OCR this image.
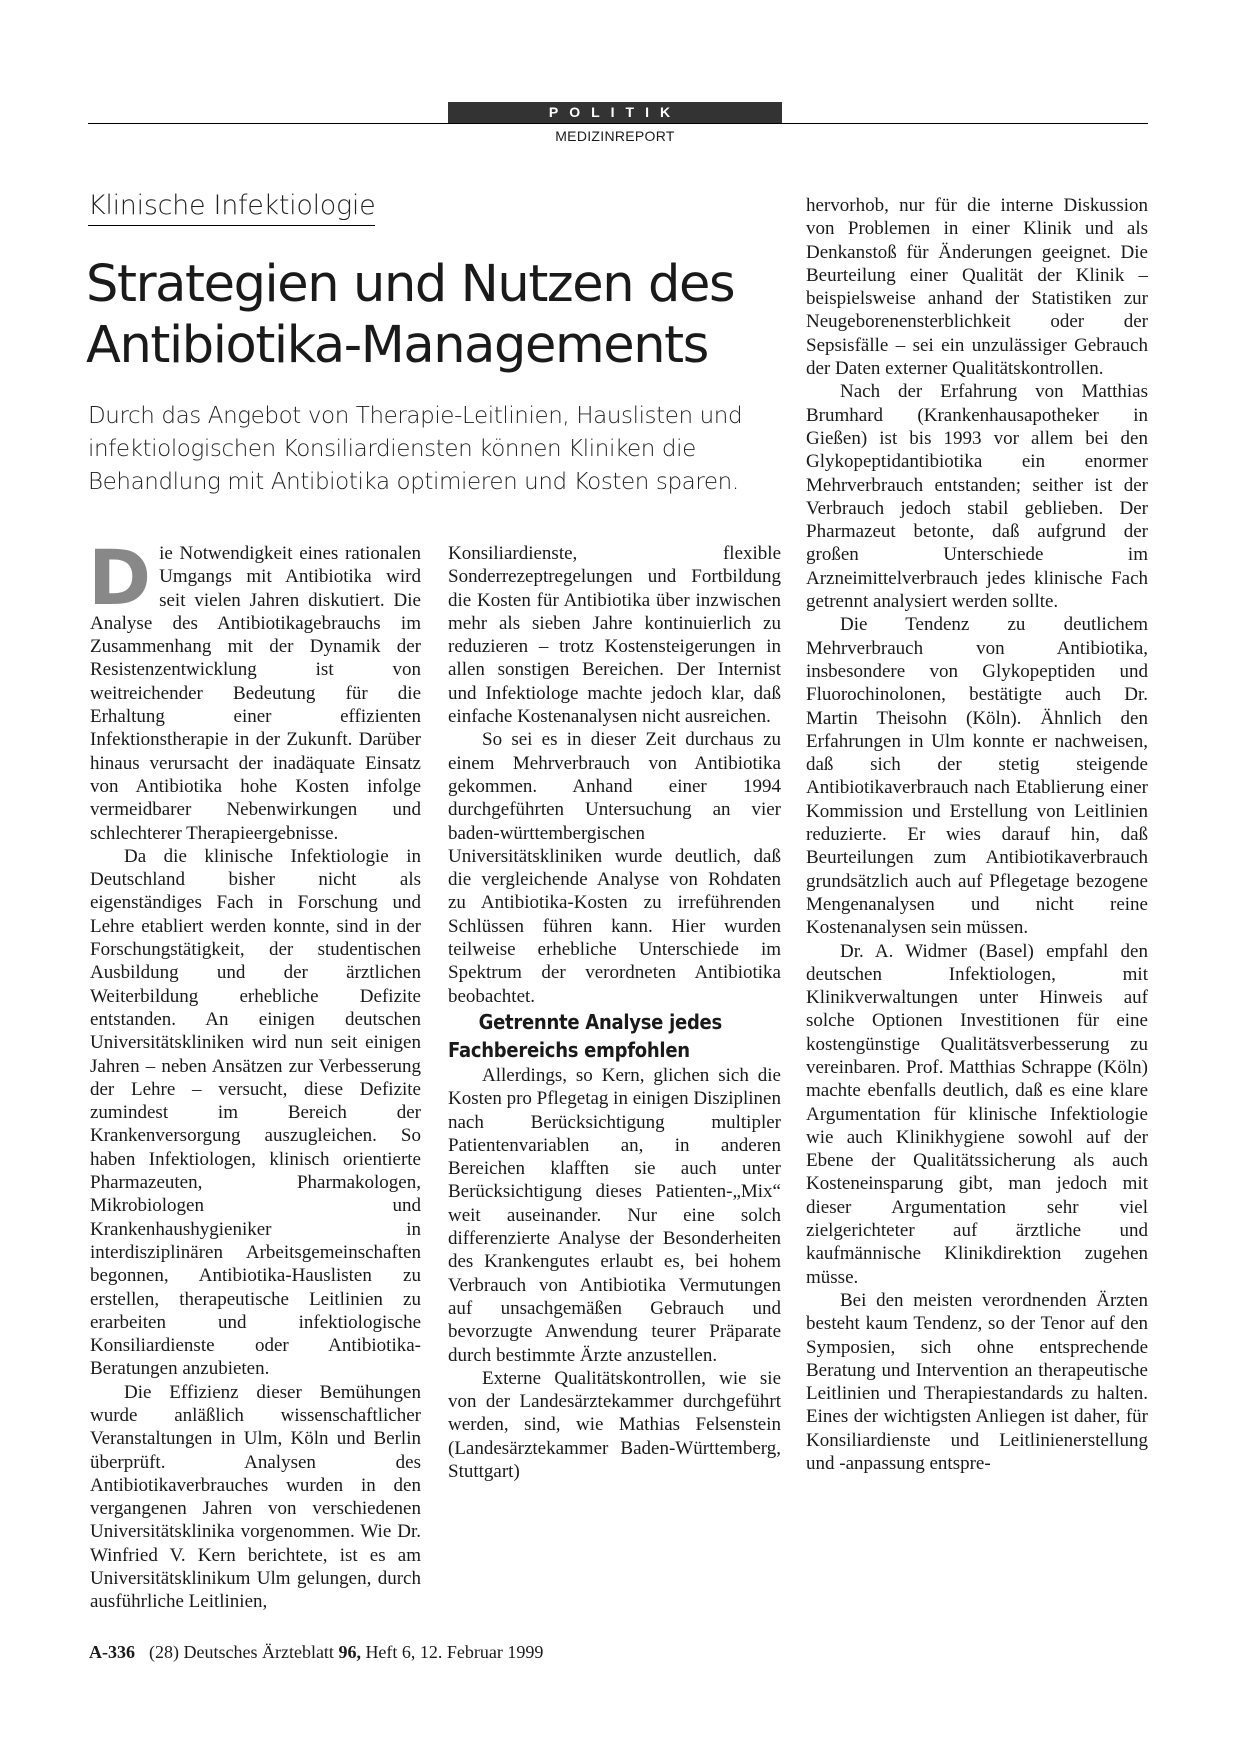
POLITIK
MEDIZINREPORT
Klinische Infektiologie
Strategien und Nutzen des
Antibiotika-Managements

Durch das Angebot von Therapie-Leitlinien, Hauslisten und infektiologischen Konsiliardiensten können Kliniken die Behandlung mit Antibiotika optimieren und Kosten sparen.

Die Notwendigkeit eines rationalen Umgangs mit Antibiotika wird seit vielen Jahren diskutiert. Die Analyse des Antibiotikagebrauchs im Zusammenhang mit der Dynamik der Resistenzentwicklung ist von weitreichender Bedeutung für die Erhaltung einer effizienten Infektionstherapie in der Zukunft. Darüber hinaus verursacht der inadäquate Einsatz von Antibiotika hohe Kosten infolge vermeidbarer Nebenwirkungen und schlechterer Therapieergebnisse.

Da die klinische Infektiologie in Deutschland bisher nicht als eigenständiges Fach in Forschung und Lehre etabliert werden konnte, sind in der Forschungstätigkeit, der studentischen Ausbildung und der ärztlichen Weiterbildung erhebliche Defizite entstanden. An einigen deutschen Universitätskliniken wird nun seit einigen Jahren – neben Ansätzen zur Verbesserung der Lehre – versucht, diese Defizite zumindest im Bereich der Krankenversorgung auszugleichen. So haben Infektiologen, klinisch orientierte Pharmazeuten, Pharmakologen, Mikrobiologen und Krankenhaushygieniker in interdisziplinären Arbeitsgemeinschaften begonnen, Antibiotika-Hauslisten zu erstellen, therapeutische Leitlinien zu erarbeiten und infektiologische Konsiliardienste oder Antibiotika-Beratungen anzubieten.

Die Effizienz dieser Bemühungen wurde anläßlich wissenschaftlicher Veranstaltungen in Ulm, Köln und Berlin überprüft. Analysen des Antibiotikaverbrauches wurden in den vergangenen Jahren von verschiedenen Universitätsklinika vorgenommen. Wie Dr. Winfried V. Kern berichtete, ist es am Universitätsklinikum Ulm gelungen, durch ausführliche Leitlinien,

Konsiliardienste, flexible Sonderrezeptregelungen und Fortbildung die Kosten für Antibiotika über inzwischen mehr als sieben Jahre kontinuierlich zu reduzieren – trotz Kostensteigerungen in allen sonstigen Bereichen. Der Internist und Infektiologe machte jedoch klar, daß einfache Kostenanalysen nicht ausreichen.

So sei es in dieser Zeit durchaus zu einem Mehrverbrauch von Antibiotika gekommen. Anhand einer 1994 durchgeführten Untersuchung an vier baden-württembergischen Universitätskliniken wurde deutlich, daß die vergleichende Analyse von Rohdaten zu Antibiotika-Kosten zu irreführenden Schlüssen führen kann. Hier wurden teilweise erhebliche Unterschiede im Spektrum der verordneten Antibiotika beobachtet.

Getrennte Analyse jedes
Fachbereichs empfohlen

Allerdings, so Kern, glichen sich die Kosten pro Pflegetag in einigen Disziplinen nach Berücksichtigung multipler Patientenvariablen an, in anderen Bereichen klafften sie auch unter Berücksichtigung dieses Patienten-„Mix“ weit auseinander. Nur eine solch differenzierte Analyse der Besonderheiten des Krankengutes erlaubt es, bei hohem Verbrauch von Antibiotika Vermutungen auf unsachgemäßen Gebrauch und bevorzugte Anwendung teurer Präparate durch bestimmte Ärzte anzustellen.

Externe Qualitätskontrollen, wie sie von der Landesärztekammer durchgeführt werden, sind, wie Mathias Felsenstein (Landesärztekammer Baden-Württemberg, Stuttgart)

hervorhob, nur für die interne Diskussion von Problemen in einer Klinik und als Denkanstoß für Änderungen geeignet. Die Beurteilung einer Qualität der Klinik – beispielsweise anhand der Statistiken zur Neugeborenensterblichkeit oder der Sepsisfälle – sei ein unzulässiger Gebrauch der Daten externer Qualitätskontrollen.

Nach der Erfahrung von Matthias Brumhard (Krankenhausapotheker in Gießen) ist bis 1993 vor allem bei den Glykopeptidantibiotika ein enormer Mehrverbrauch entstanden; seither ist der Verbrauch jedoch stabil geblieben. Der Pharmazeut betonte, daß aufgrund der großen Unterschiede im Arzneimittelverbrauch jedes klinische Fach getrennt analysiert werden sollte.

Die Tendenz zu deutlichem Mehrverbrauch von Antibiotika, insbesondere von Glykopeptiden und Fluorochinolonen, bestätigte auch Dr. Martin Theisohn (Köln). Ähnlich den Erfahrungen in Ulm konnte er nachweisen, daß sich der stetig steigende Antibiotikaverbrauch nach Etablierung einer Kommission und Erstellung von Leitlinien reduzierte. Er wies darauf hin, daß Beurteilungen zum Antibiotikaverbrauch grundsätzlich auch auf Pflegetage bezogene Mengenanalysen und nicht reine Kostenanalysen sein müssen.

Dr. A. Widmer (Basel) empfahl den deutschen Infektiologen, mit Klinikverwaltungen unter Hinweis auf solche Optionen Investitionen für eine kostengünstige Qualitätsverbesserung zu vereinbaren. Prof. Matthias Schrappe (Köln) machte ebenfalls deutlich, daß es eine klare Argumentation für klinische Infektiologie wie auch Klinikhygiene sowohl auf der Ebene der Qualitätssicherung als auch Kosteneinsparung gibt, man jedoch mit dieser Argumentation sehr viel zielgerichteter auf ärztliche und kaufmännische Klinikdirektion zugehen müsse.

Bei den meisten verordnenden Ärzten besteht kaum Tendenz, so der Tenor auf den Symposien, sich ohne entsprechende Beratung und Intervention an therapeutische Leitlinien und Therapiestandards zu halten. Eines der wichtigsten Anliegen ist daher, für Konsiliardienste und Leitlinienerstellung und -anpassung entspre-

A-336 (28) Deutsches Ärzteblatt 96, Heft 6, 12. Februar 1999
